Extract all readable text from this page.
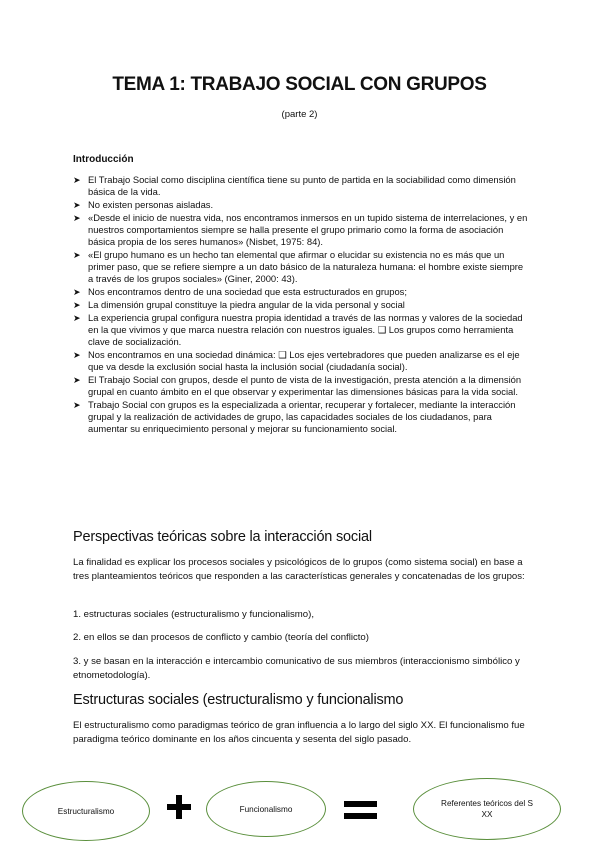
TEMA 1: TRABAJO SOCIAL CON GRUPOS
(parte 2)
Introducción
➤ El Trabajo Social como disciplina científica tiene su punto de partida en la sociabilidad como dimensión básica de la vida.
➤ No existen personas aisladas.
➤ «Desde el inicio de nuestra vida, nos encontramos inmersos en un tupido sistema de interrelaciones, y en nuestros comportamientos siempre se halla presente el grupo primario como la forma de asociación básica propia de los seres humanos» (Nisbet, 1975: 84).
➤ «El grupo humano es un hecho tan elemental que afirmar o elucidar su existencia no es más que un primer paso, que se refiere siempre a un dato básico de la naturaleza humana: el hombre existe siempre a través de los grupos sociales» (Giner, 2000: 43).
➤ Nos encontramos dentro de una sociedad que esta estructurados en grupos;
➤ La dimensión grupal constituye la piedra angular de la vida personal y social
➤ La experiencia grupal configura nuestra propia identidad a través de las normas y valores de la sociedad en la que vivimos y que marca nuestra relación con nuestros iguales. ❑ Los grupos como herramienta clave de socialización.
➤ Nos encontramos en una sociedad dinámica: ❑ Los ejes vertebradores que pueden analizarse es el eje que va desde la exclusión social hasta la inclusión social (ciudadanía social).
➤ El Trabajo Social con grupos, desde el punto de vista de la investigación, presta atención a la dimensión grupal en cuanto ámbito en el que observar y experimentar las dimensiones básicas para la vida social.
➤ Trabajo Social con grupos es la especializada a orientar, recuperar y fortalecer, mediante la interacción grupal y la realización de actividades de grupo, las capacidades sociales de los ciudadanos, para aumentar su enriquecimiento personal y mejorar su funcionamiento social.
Perspectivas teóricas sobre la interacción social
La finalidad es explicar los procesos sociales y psicológicos de lo grupos (como sistema social) en base a tres planteamientos teóricos que responden a las características generales y concatenadas de los grupos:
1. estructuras sociales (estructuralismo y funcionalismo),
2. en ellos se dan procesos de conflicto y cambio (teoría del conflicto)
3. y se basan en la interacción e intercambio comunicativo de sus miembros (interaccionismo simbólico y etnometodología).
Estructuras sociales (estructuralismo y funcionalismo
El estructuralismo como paradigmas teórico de gran influencia a lo largo del siglo XX. El funcionalismo fue paradigma teórico dominante en los años cincuenta y sesenta del siglo pasado.
Estructuralismo	Funcionalismo
Referentes teóricos del S XX
